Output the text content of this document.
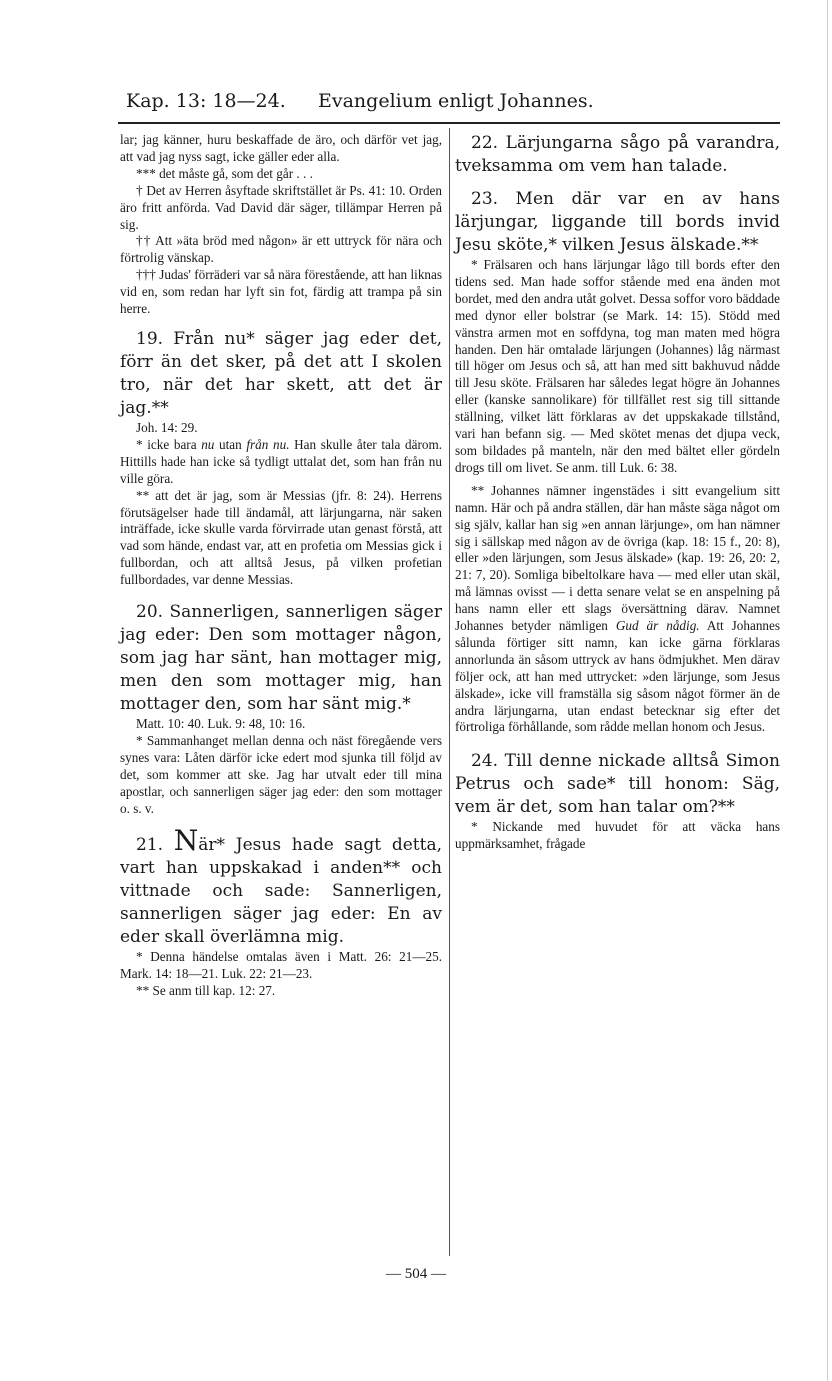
Kap. 13: 18—24. Evangelium enligt Johannes.

lar; jag känner, huru beskaffade de äro, och därför vet jag, att vad jag nyss sagt, icke gäller eder alla.

*** det måste gå, som det går . . .

† Det av Herren åsyftade skriftstället är Ps. 41: 10. Orden äro fritt anförda. Vad David där säger, tillämpar Herren på sig.

†† Att »äta bröd med någon» är ett uttryck för nära och förtrolig vänskap.

††† Judas' förräderi var så nära förestående, att han liknas vid en, som redan har lyft sin fot, färdig att trampa på sin herre.

19. Från nu* säger jag eder det, förr än det sker, på det att I skolen tro, när det har skett, att det är jag.**

Joh. 14: 29.

* icke bara nu utan från nu. Han skulle åter tala därom. Hittills hade han icke så tydligt uttalat det, som han från nu ville göra.

** att det är jag, som är Messias (jfr. 8: 24). Herrens förutsägelser hade till ändamål, att lärjungarna, när saken inträffade, icke skulle varda förvirrade utan genast förstå, att vad som hände, endast var, att en profetia om Messias gick i fullbordan, och att alltså Jesus, på vilken profetian fullbordades, var denne Messias.

20. Sannerligen, sannerligen säger jag eder: Den som mottager någon, som jag har sänt, han mottager mig, men den som mottager mig, han mottager den, som har sänt mig.*

Matt. 10: 40. Luk. 9: 48, 10: 16.

* Sammanhanget mellan denna och näst föregående vers synes vara: Låten därför icke edert mod sjunka till följd av det, som kommer att ske. Jag har utvalt eder till mina apostlar, och sannerligen säger jag eder: den som mottager o. s. v.

21. När* Jesus hade sagt detta, vart han uppskakad i anden** och vittnade och sade: Sannerligen, sannerligen säger jag eder: En av eder skall överlämna mig.

* Denna händelse omtalas även i Matt. 26: 21—25. Mark. 14: 18—21. Luk. 22: 21—23.

** Se anm till kap. 12: 27.

22. Lärjungarna sågo på varandra, tveksamma om vem han talade.

23. Men där var en av hans lärjungar, liggande till bords invid Jesu sköte,* vilken Jesus älskade.**

* Frälsaren och hans lärjungar lågo till bords efter den tidens sed. Man hade soffor stående med ena änden mot bordet, med den andra utåt golvet. Dessa soffor voro bäddade med dynor eller bolstrar (se Mark. 14: 15). Stödd med vänstra armen mot en soffdyna, tog man maten med högra handen. Den här omtalade lärjungen (Johannes) låg närmast till höger om Jesus och så, att han med sitt bakhuvud nådde till Jesu sköte. Frälsaren har således legat högre än Johannes eller (kanske sannolikare) för tillfället rest sig till sittande ställning, vilket lätt förklaras av det uppskakade tillstånd, vari han befann sig. — Med skötet menas det djupa veck, som bildades på manteln, när den med bältet eller gördeln drogs till om livet. Se anm. till Luk. 6: 38.

** Johannes nämner ingenstädes i sitt evangelium sitt namn. Här och på andra ställen, där han måste säga något om sig själv, kallar han sig »en annan lärjunge», om han nämner sig i sällskap med någon av de övriga (kap. 18: 15 f., 20: 8), eller »den lärjungen, som Jesus älskade» (kap. 19: 26, 20: 2, 21: 7, 20). Somliga bibeltolkare hava — med eller utan skäl, må lämnas ovisst — i detta senare velat se en anspelning på hans namn eller ett slags översättning därav. Namnet Johannes betyder nämligen Gud är nådig. Att Johannes sålunda förtiger sitt namn, kan icke gärna förklaras annorlunda än såsom uttryck av hans ödmjukhet. Men därav följer ock, att han med uttrycket: »den lärjunge, som Jesus älskade», icke vill framställa sig såsom något förmer än de andra lärjungarna, utan endast betecknar sig efter det förtroliga förhållande, som rådde mellan honom och Jesus.

24. Till denne nickade alltså Simon Petrus och sade* till honom: Säg, vem är det, som han talar om?**

* Nickande med huvudet för att väcka hans uppmärksamhet, frågade

— 504 —
